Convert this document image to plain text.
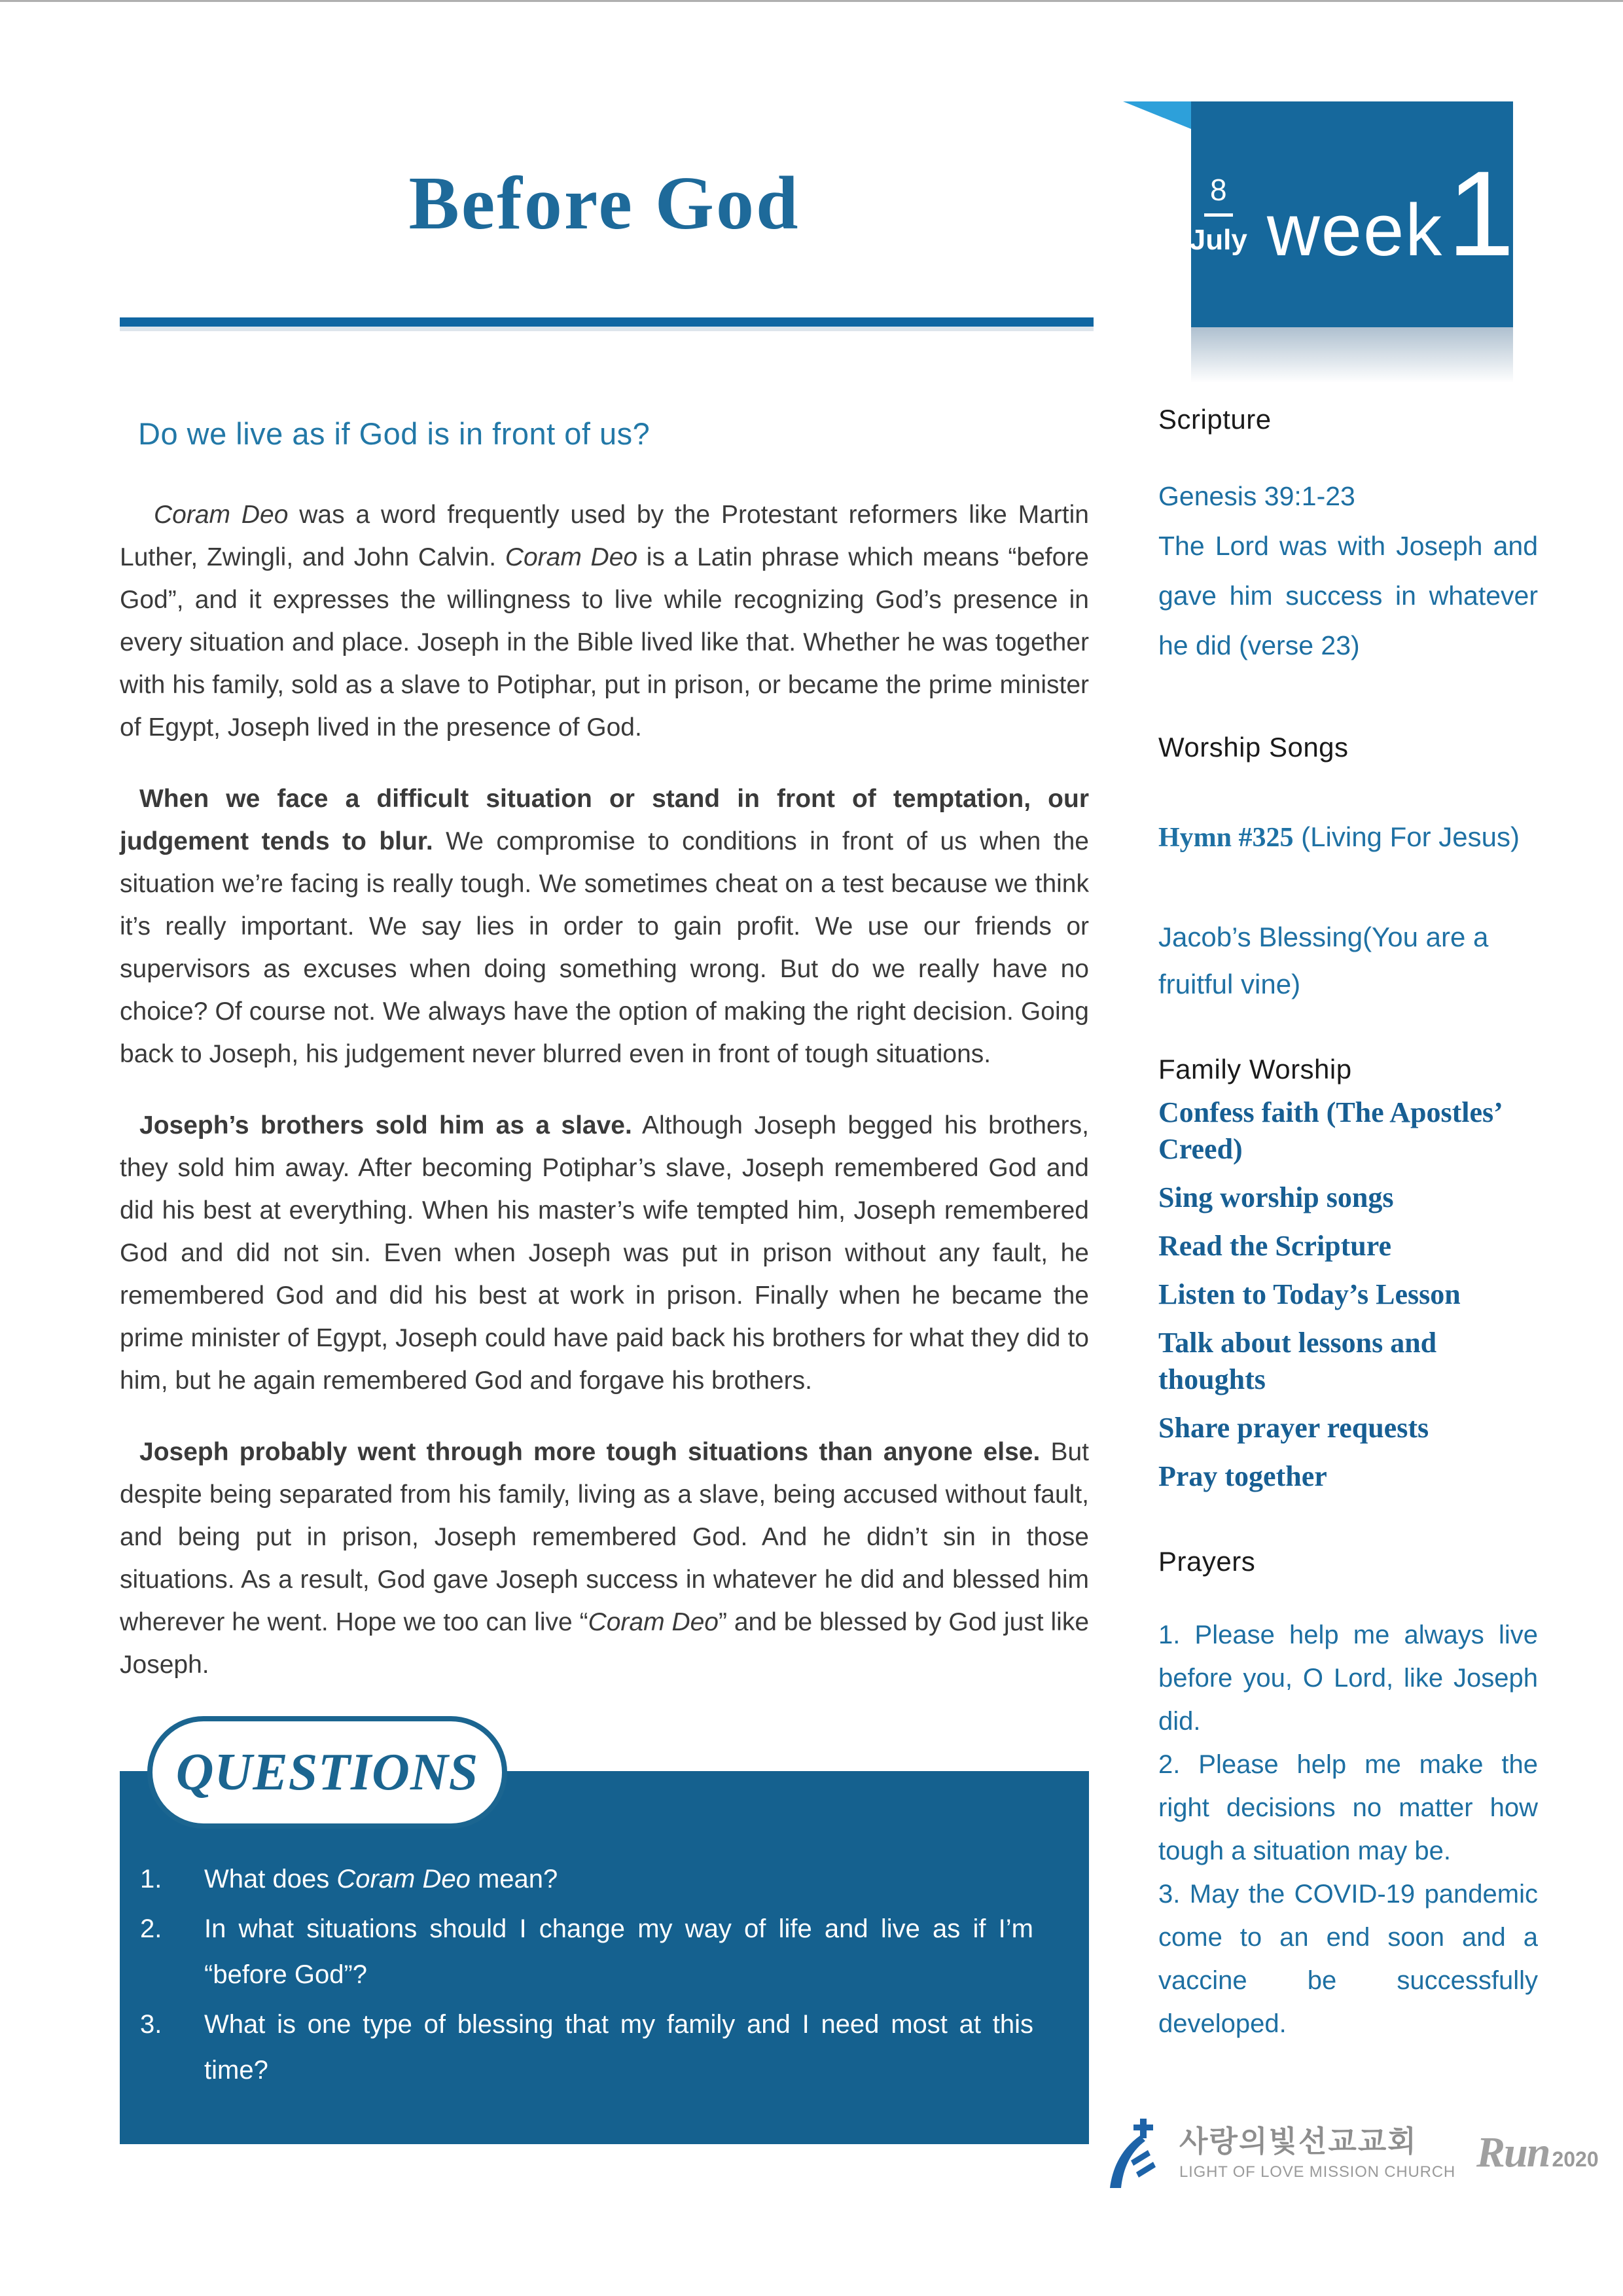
Before God	8
July week 1
Do we live as if God is in front of us?

Coram Deo was a word frequently used by the Protestant reformers like Martin Luther, Zwingli, and John Calvin. Coram Deo is a Latin phrase which means “before God”, and it expresses the willingness to live while recognizing God’s presence in every situation and place. Joseph in the Bible lived like that. Whether he was together with his family, sold as a slave to Potiphar, put in prison, or became the prime minister of Egypt, Joseph lived in the presence of God.

When we face a difficult situation or stand in front of temptation, our judgement tends to blur. We compromise to conditions in front of us when the situation we’re facing is really tough. We sometimes cheat on a test because we think it’s really important. We say lies in order to gain profit. We use our friends or supervisors as excuses when doing something wrong. But do we really have no choice? Of course not. We always have the option of making the right decision. Going back to Joseph, his judgement never blurred even in front of tough situations.

Joseph’s brothers sold him as a slave. Although Joseph begged his brothers, they sold him away. After becoming Potiphar’s slave, Joseph remembered God and did his best at everything. When his master’s wife tempted him, Joseph remembered God and did not sin. Even when Joseph was put in prison without any fault, he remembered God and did his best at work in prison. Finally when he became the prime minister of Egypt, Joseph could have paid back his brothers for what they did to him, but he again remembered God and forgave his brothers.

Joseph probably went through more tough situations than anyone else. But despite being separated from his family, living as a slave, being accused without fault, and being put in prison, Joseph remembered God. And he didn’t sin in those situations. As a result, God gave Joseph success in whatever he did and blessed him wherever he went. Hope we too can live “Coram Deo” and be blessed by God just like Joseph.

QUESTIONS
1.	What does Coram Deo mean?
2.	In what situations should I change my way of life and live as if I’m “before God”?
3.	What is one type of blessing that my family and I need most at this time?
Scripture

Genesis 39:1-23

The Lord was with Joseph and gave him success in whatever he did (verse 23)

Worship Songs

Hymn #325 (Living For Jesus)

Jacob’s Blessing(You are a fruitful vine)

Family Worship
Confess faith (The Apostles’ Creed)
Sing worship songs
Read the Scripture
Listen to Today’s Lesson
Talk about lessons and thoughts
Share prayer requests
Pray together
Prayers

1. Please help me always live before you, O Lord, like Joseph did.

2. Please help me make the right decisions no matter how tough a situation may be.

3. May the COVID-19 pandemic come to an end soon and a vaccine be successfully developed.

사랑의빛선교교회
LIGHT OF LOVE MISSION CHURCH Run 2020
